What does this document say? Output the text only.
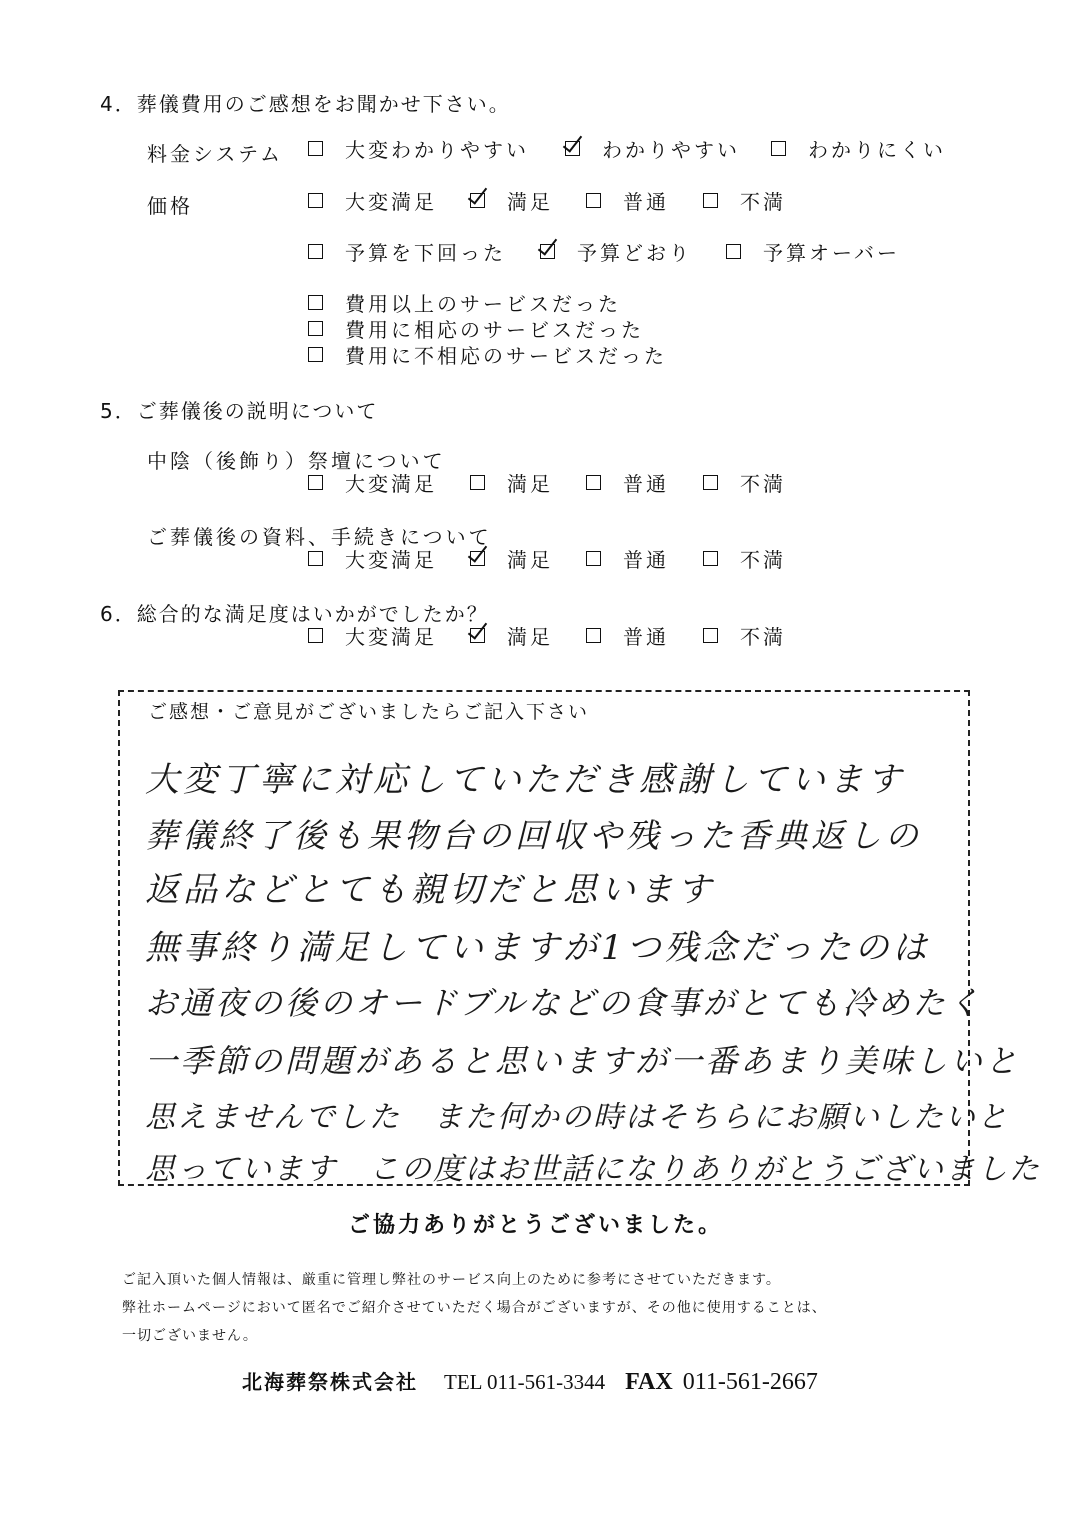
4．葬儀費用のご感想をお聞かせ下さい。
料金システム	大変わかりやすい	わかりやすい	わかりにくい
価格	大変満足	満足	普通	不満
予算を下回った	予算どおり	予算オーバー
費用以上のサービスだった
費用に相応のサービスだった
費用に不相応のサービスだった
5．ご葬儀後の説明について
中陰（後飾り）祭壇について
大変満足	満足	普通	不満
ご葬儀後の資料、手続きについて
大変満足	満足	普通	不満
6．総合的な満足度はいかがでしたか？
大変満足	満足	普通	不満
ご感想・ご意見がございましたらご記入下さい
大変丁寧に対応していただき感謝しています
葬儀終了後も果物台の回収や残った香典返しの
返品などとても親切だと思います
無事終り満足していますが1つ残念だったのは
お通夜の後のオードブルなどの食事がとても冷めたく
一季節の問題があると思いますが一番あまり美味しいと
思えませんでした　また何かの時はそちらにお願いしたいと
思っています　この度はお世話になりありがとうございました
ご協力ありがとうございました。
ご記入頂いた個人情報は、厳重に管理し弊社のサービス向上のために参考にさせていただきます。
弊社ホームページにおいて匿名でご紹介させていただく場合がございますが、その他に使用することは、
一切ございません。
北海葬祭株式会社 TEL 011-561-3344 FAX 011-561-2667
